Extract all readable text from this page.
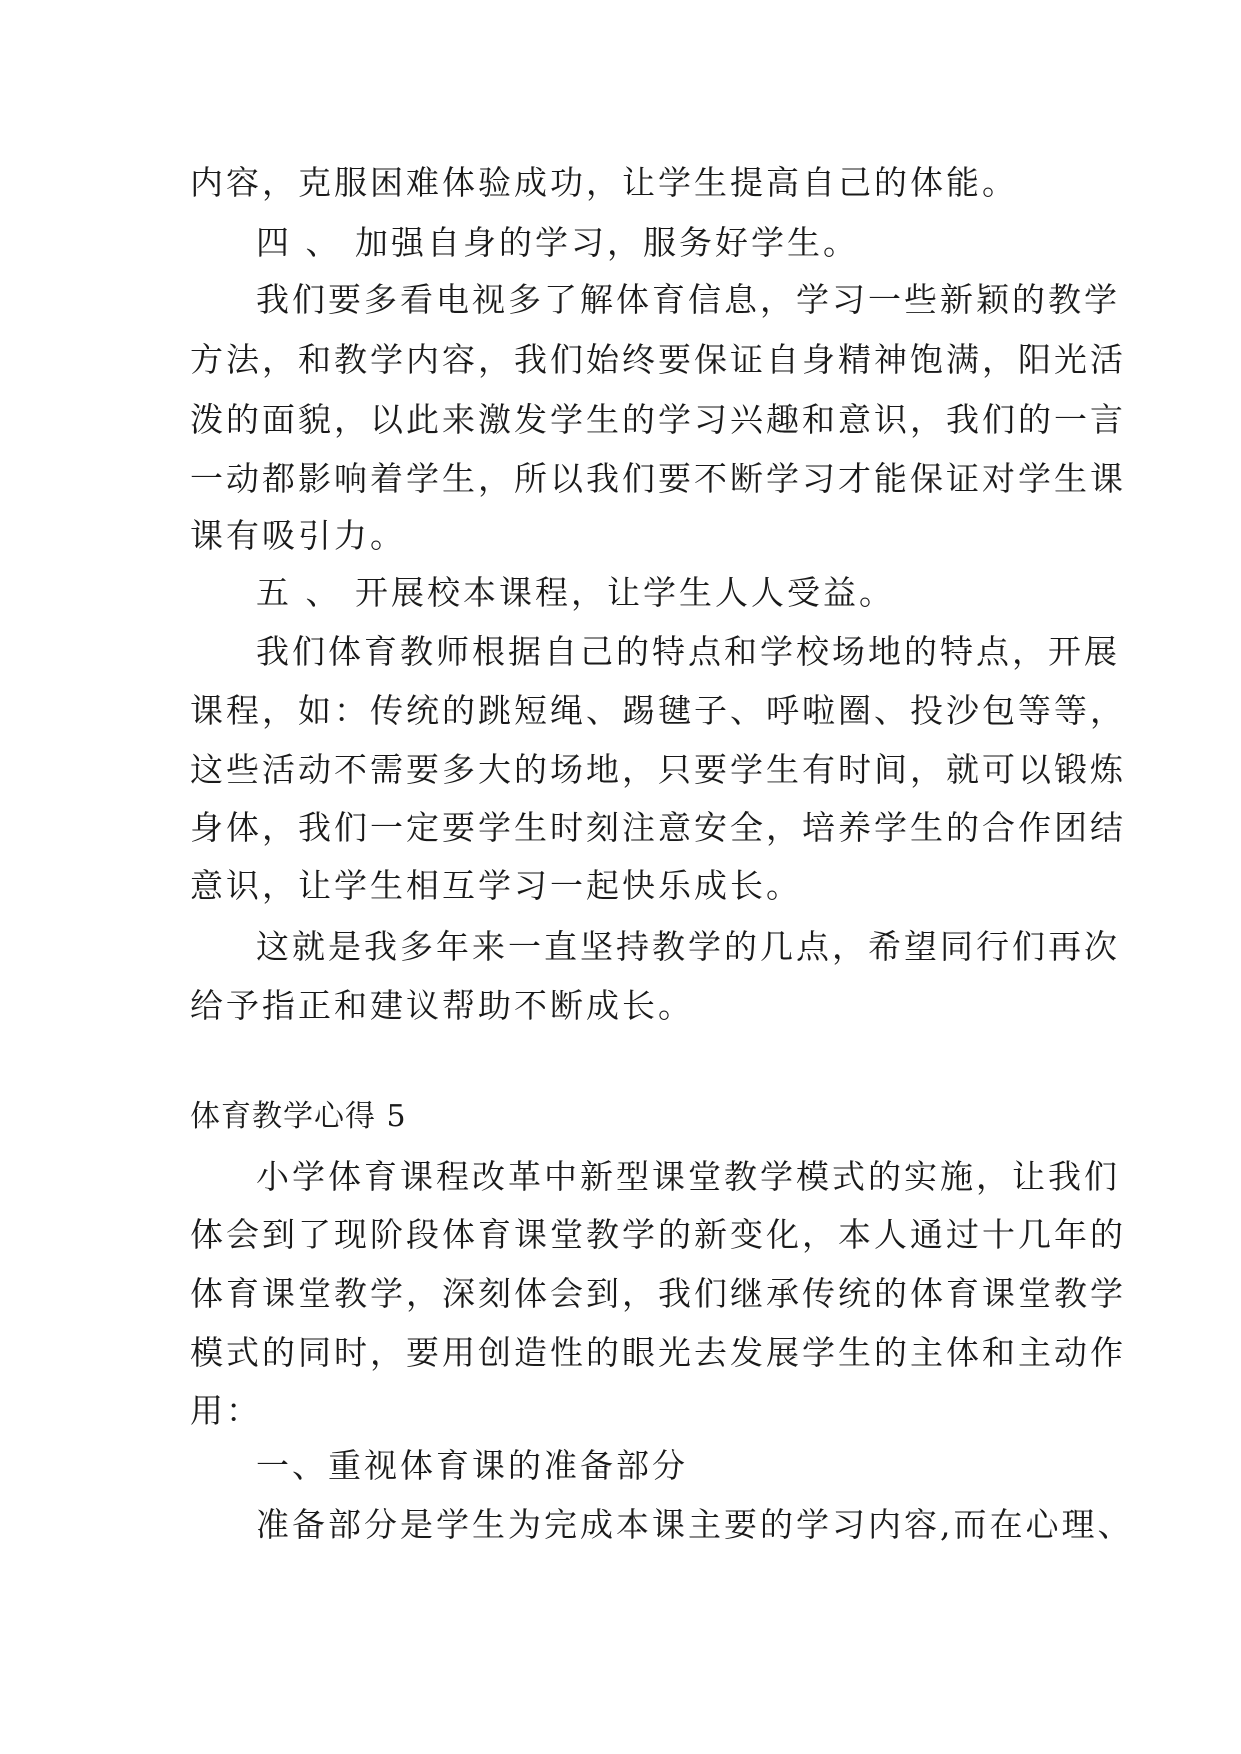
内容，克服困难体验成功，让学生提高自己的体能。
四 、 加强自身的学习，服务好学生。
我们要多看电视多了解体育信息，学习一些新颖的教学
方法，和教学内容，我们始终要保证自身精神饱满，阳光活
泼的面貌，以此来激发学生的学习兴趣和意识，我们的一言
一动都影响着学生，所以我们要不断学习才能保证对学生课
课有吸引力。
五 、 开展校本课程，让学生人人受益。
我们体育教师根据自己的特点和学校场地的特点，开展
课程，如：传统的跳短绳、踢毽子、呼啦圈、投沙包等等，
这些活动不需要多大的场地，只要学生有时间，就可以锻炼
身体，我们一定要学生时刻注意安全，培养学生的合作团结
意识，让学生相互学习一起快乐成长。
这就是我多年来一直坚持教学的几点，希望同行们再次
给予指正和建议帮助不断成长。
体育教学心得 5
小学体育课程改革中新型课堂教学模式的实施，让我们
体会到了现阶段体育课堂教学的新变化，本人通过十几年的
体育课堂教学，深刻体会到，我们继承传统的体育课堂教学
模式的同时，要用创造性的眼光去发展学生的主体和主动作
用：
一、重视体育课的准备部分
准备部分是学生为完成本课主要的学习内容,而在心理、
